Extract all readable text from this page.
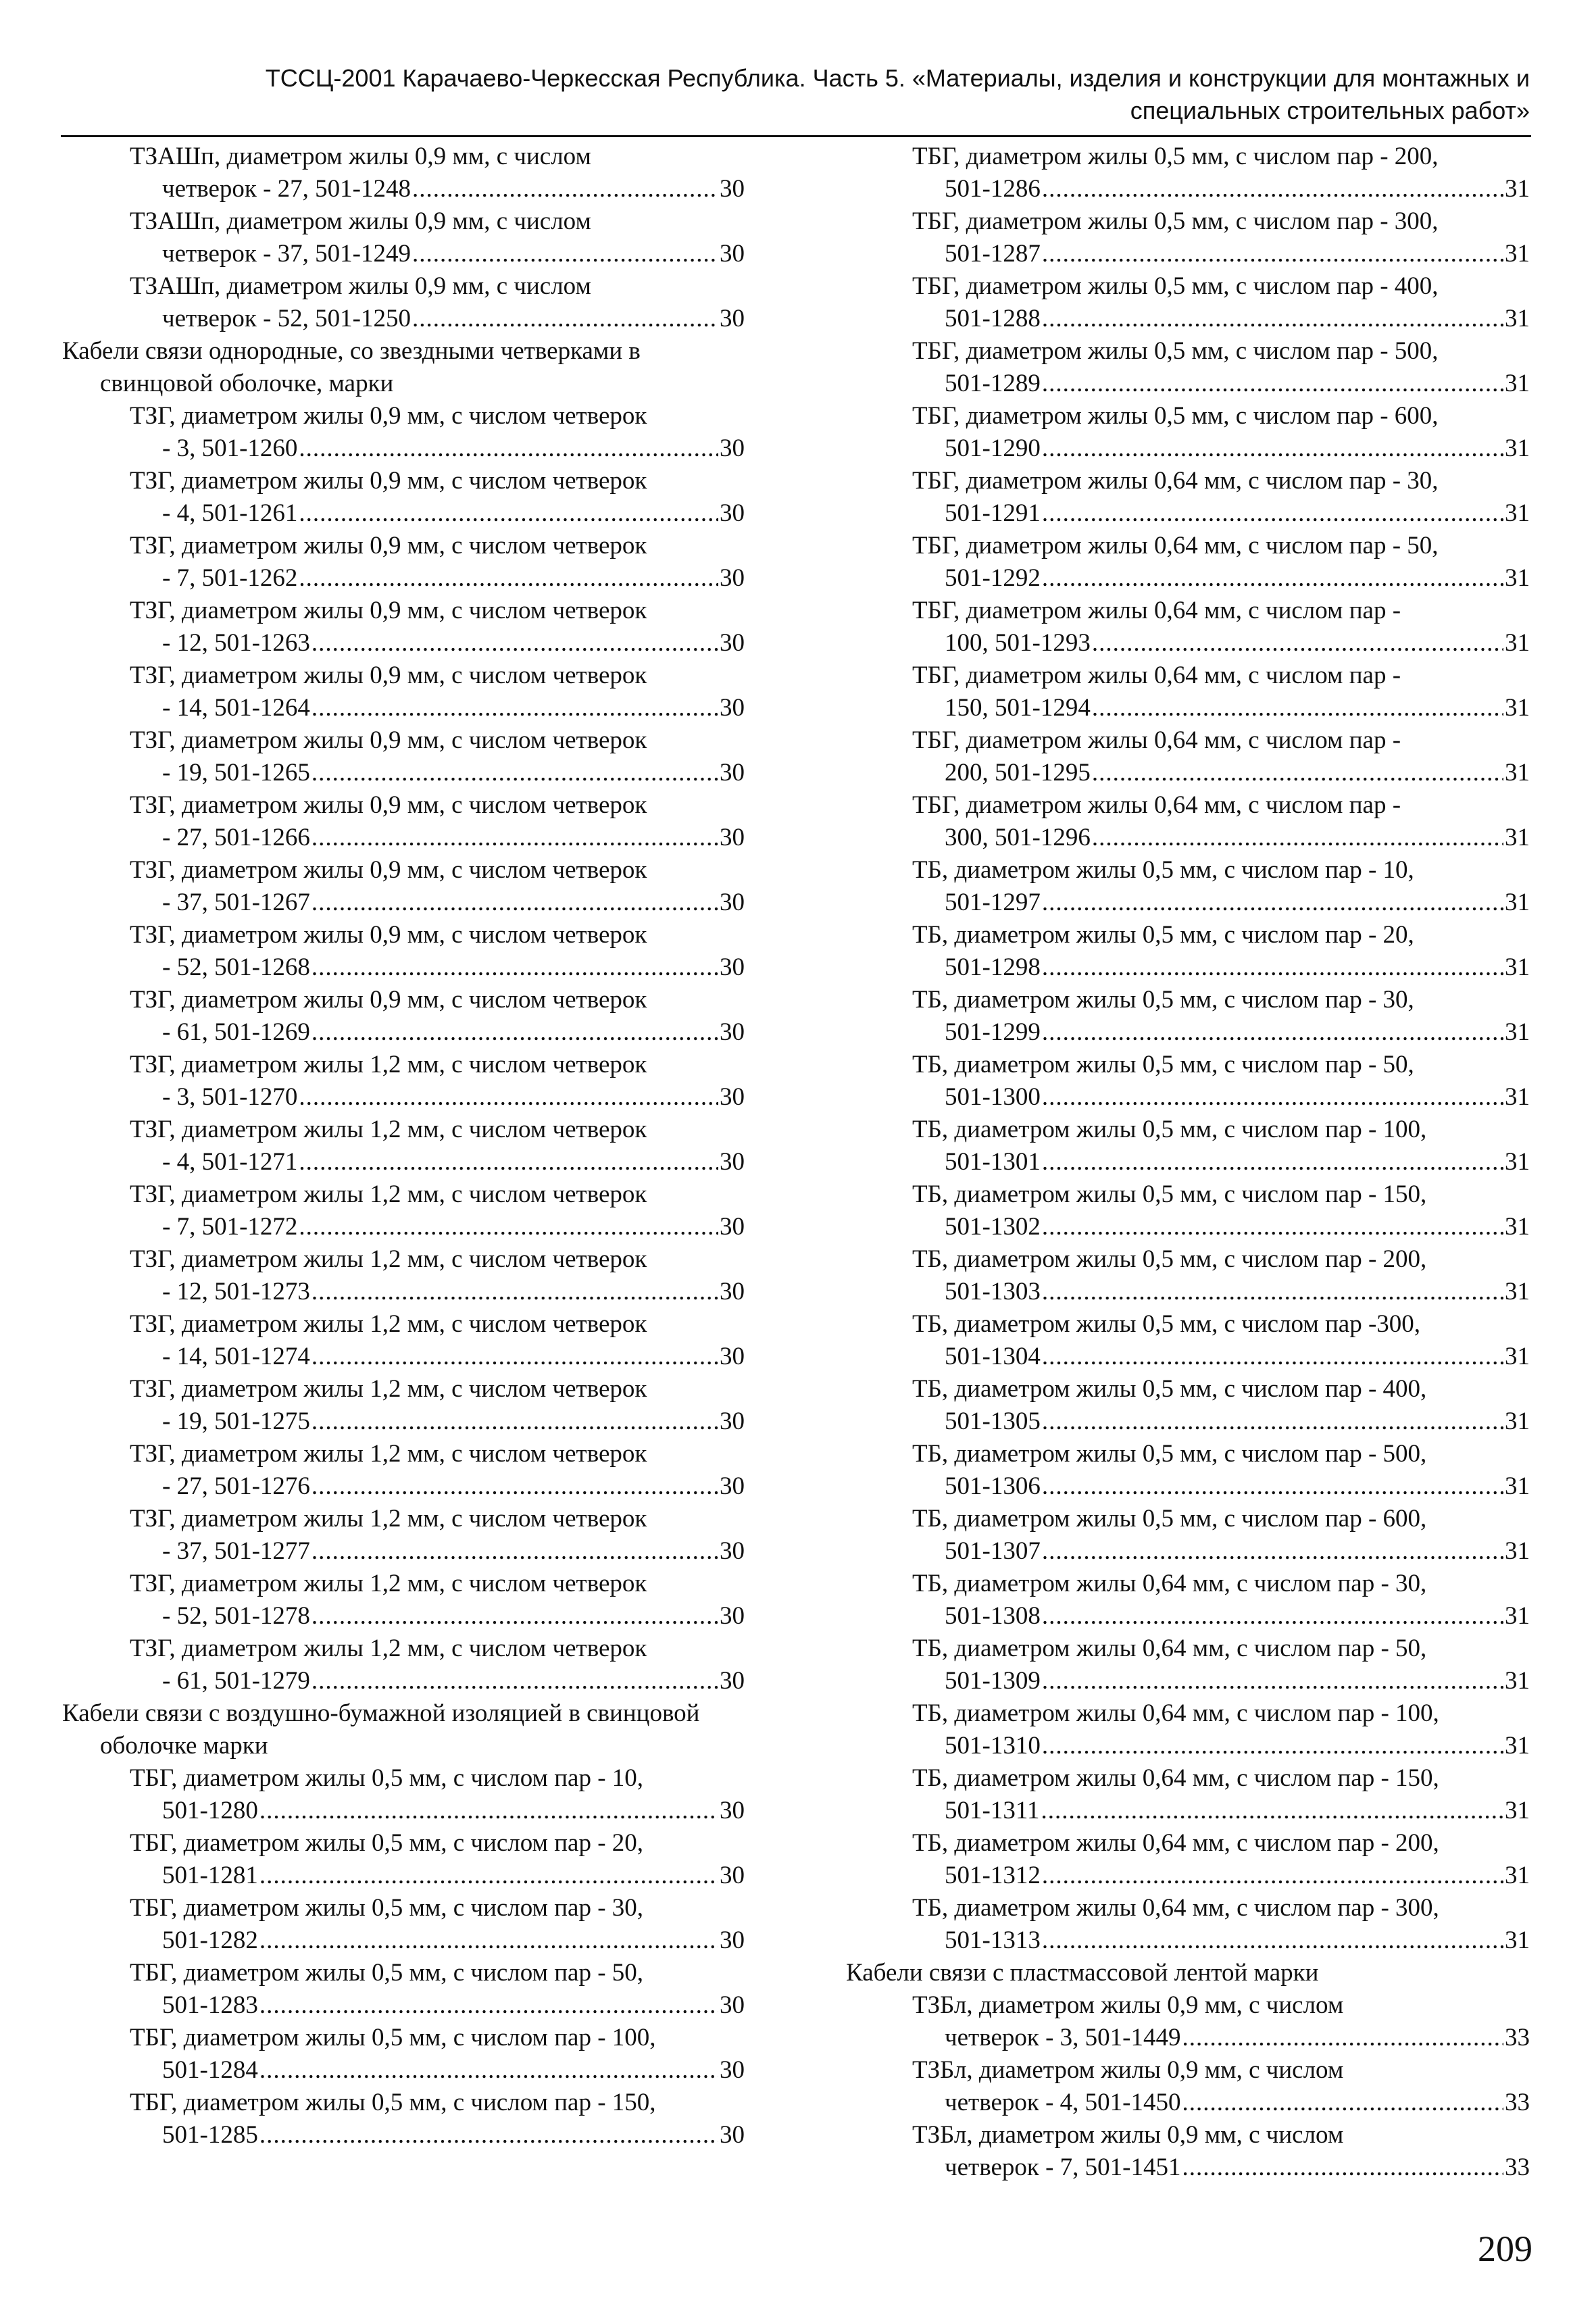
ТССЦ-2001 Карачаево-Черкесская Республика. Часть 5. «Материалы, изделия и конструкции для монтажных и
специальных строительных работ»
ТЗАШп, диаметром жилы 0,9 мм, с числом
четверок - 27, 501-1248 .....	30
ТЗАШп, диаметром жилы 0,9 мм, с числом
четверок - 37, 501-1249 .....	30
ТЗАШп, диаметром жилы 0,9 мм, с числом
четверок - 52, 501-1250 .....	30
Кабели связи однородные, со звездными четверками в свинцовой оболочке, марки
ТЗГ, диаметром жилы 0,9 мм, с числом четверок
- 3, 501-1260 .....	30
ТЗГ, диаметром жилы 0,9 мм, с числом четверок
- 4, 501-1261 .....	30
ТЗГ, диаметром жилы 0,9 мм, с числом четверок
- 7, 501-1262 .....	30
ТЗГ, диаметром жилы 0,9 мм, с числом четверок
- 12, 501-1263 .....	30
ТЗГ, диаметром жилы 0,9 мм, с числом четверок
- 14, 501-1264 .....	30
ТЗГ, диаметром жилы 0,9 мм, с числом четверок
- 19, 501-1265 .....	30
ТЗГ, диаметром жилы 0,9 мм, с числом четверок
- 27, 501-1266 .....	30
ТЗГ, диаметром жилы 0,9 мм, с числом четверок
- 37, 501-1267 .....	30
ТЗГ, диаметром жилы 0,9 мм, с числом четверок
- 52, 501-1268 .....	30
ТЗГ, диаметром жилы 0,9 мм, с числом четверок
- 61, 501-1269 .....	30
ТЗГ, диаметром жилы 1,2 мм, с числом четверок
- 3, 501-1270 .....	30
ТЗГ, диаметром жилы 1,2 мм, с числом четверок
- 4, 501-1271 .....	30
ТЗГ, диаметром жилы 1,2 мм, с числом четверок
- 7, 501-1272 .....	30
ТЗГ, диаметром жилы 1,2 мм, с числом четверок
- 12, 501-1273 .....	30
ТЗГ, диаметром жилы 1,2 мм, с числом четверок
- 14, 501-1274 .....	30
ТЗГ, диаметром жилы 1,2 мм, с числом четверок
- 19, 501-1275 .....	30
ТЗГ, диаметром жилы 1,2 мм, с числом четверок
- 27, 501-1276 .....	30
ТЗГ, диаметром жилы 1,2 мм, с числом четверок
- 37, 501-1277 .....	30
ТЗГ, диаметром жилы 1,2 мм, с числом четверок
- 52, 501-1278 .....	30
ТЗГ, диаметром жилы 1,2 мм, с числом четверок
- 61, 501-1279 .....	30
Кабели связи с воздушно-бумажной изоляцией в свинцовой оболочке марки
ТБГ, диаметром жилы 0,5 мм, с числом пар - 10,
501-1280 .....	30
ТБГ, диаметром жилы 0,5 мм, с числом пар - 20,
501-1281 .....	30
ТБГ, диаметром жилы 0,5 мм, с числом пар - 30,
501-1282 .....	30
ТБГ, диаметром жилы 0,5 мм, с числом пар - 50,
501-1283 .....	30
ТБГ, диаметром жилы 0,5 мм, с числом пар - 100,
501-1284 .....	30
ТБГ, диаметром жилы 0,5 мм, с числом пар - 150,
501-1285 .....	30
ТБГ, диаметром жилы 0,5 мм, с числом пар - 200,
501-1286 .....	31
ТБГ, диаметром жилы 0,5 мм, с числом пар - 300,
501-1287 .....	31
ТБГ, диаметром жилы 0,5 мм, с числом пар - 400,
501-1288 .....	31
ТБГ, диаметром жилы 0,5 мм, с числом пар - 500,
501-1289 .....	31
ТБГ, диаметром жилы 0,5 мм, с числом пар - 600,
501-1290 .....	31
ТБГ, диаметром жилы 0,64 мм, с числом пар - 30,
501-1291 .....	31
ТБГ, диаметром жилы 0,64 мм, с числом пар - 50,
501-1292 .....	31
ТБГ, диаметром жилы 0,64 мм, с числом пар -
100, 501-1293 .....	31
ТБГ, диаметром жилы 0,64 мм, с числом пар -
150, 501-1294 .....	31
ТБГ, диаметром жилы 0,64 мм, с числом пар -
200, 501-1295 .....	31
ТБГ, диаметром жилы 0,64 мм, с числом пар -
300, 501-1296 .....	31
ТБ, диаметром жилы 0,5 мм, с числом пар - 10,
501-1297 .....	31
ТБ, диаметром жилы 0,5 мм, с числом пар - 20,
501-1298 .....	31
ТБ, диаметром жилы 0,5 мм, с числом пар - 30,
501-1299 .....	31
ТБ, диаметром жилы 0,5 мм, с числом пар - 50,
501-1300 .....	31
ТБ, диаметром жилы 0,5 мм, с числом пар - 100,
501-1301 .....	31
ТБ, диаметром жилы 0,5 мм, с числом пар - 150,
501-1302 .....	31
ТБ, диаметром жилы 0,5 мм, с числом пар - 200,
501-1303 .....	31
ТБ, диаметром жилы 0,5 мм, с числом пар -300,
501-1304 .....	31
ТБ, диаметром жилы 0,5 мм, с числом пар - 400,
501-1305 .....	31
ТБ, диаметром жилы 0,5 мм, с числом пар - 500,
501-1306 .....	31
ТБ, диаметром жилы 0,5 мм, с числом пар - 600,
501-1307 .....	31
ТБ, диаметром жилы 0,64 мм, с числом пар - 30,
501-1308 .....	31
ТБ, диаметром жилы 0,64 мм, с числом пар - 50,
501-1309 .....	31
ТБ, диаметром жилы 0,64 мм, с числом пар - 100,
501-1310 .....	31
ТБ, диаметром жилы 0,64 мм, с числом пар - 150,
501-1311 .....	31
ТБ, диаметром жилы 0,64 мм, с числом пар - 200,
501-1312 .....	31
ТБ, диаметром жилы 0,64 мм, с числом пар - 300,
501-1313 .....	31
Кабели связи с пластмассовой лентой марки
ТЗБл, диаметром жилы 0,9 мм, с числом
четверок - 3, 501-1449 .....	33
ТЗБл, диаметром жилы 0,9 мм, с числом
четверок - 4, 501-1450 .....	33
ТЗБл, диаметром жилы 0,9 мм, с числом
четверок - 7, 501-1451 .....	33
209
